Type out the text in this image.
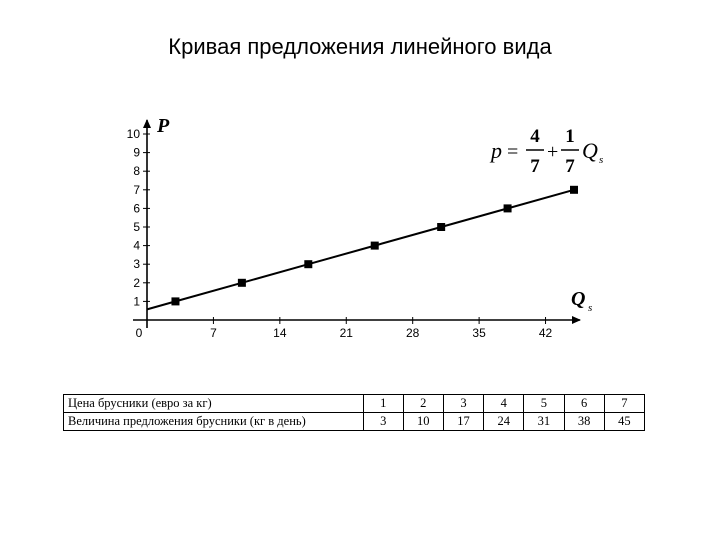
Кривая предложения линейного вида
1
2
3
4
5
6
7
8
9
10
0	7	14	21	28	35	42
P
Q s
p =
4
7
+
1
7
Q s
Цена брусники (евро за кг)	1	2	3	4	5	6	7
Величина предложения брусники (кг в день)	3	10	17	24	31	38	45
